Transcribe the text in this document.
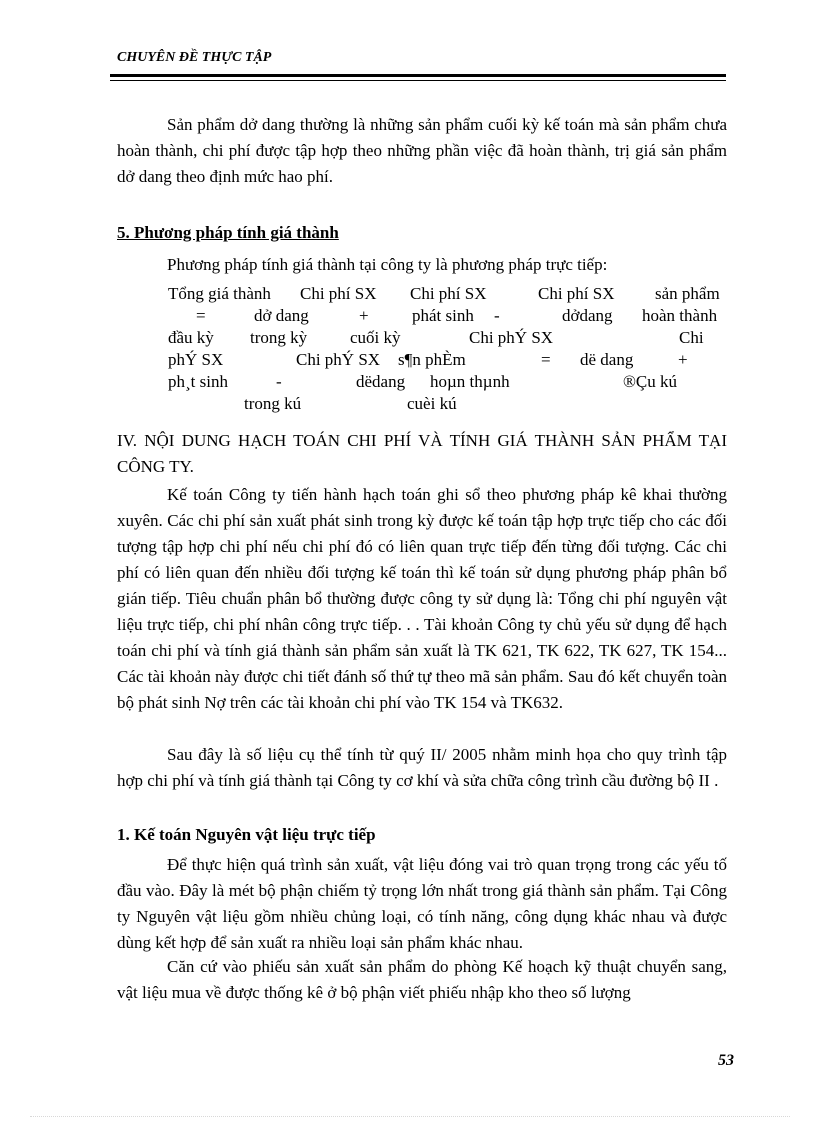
CHUYÊN ĐỀ THỰC TẬP

Sản phẩm dở dang thường là những sản phẩm cuối kỳ kế toán mà sản phẩm chưa hoàn thành, chi phí được tập hợp theo những phần việc đã hoàn thành, trị giá sản phẩm dở dang theo định mức hao phí.

5. Phương pháp tính giá thành

Phương pháp tính giá thành tại công ty là phương pháp trực tiếp:

Tổng giá thành Chi phí SX Chi phí SX	Chi phí SX sản phẩm
=	dở dang	+	phát sinh -	dởdang hoàn thành
đầu kỳ trong kỳ	cuối kỳ	Chi phÝ SX	Chi
phÝ SX	Chi phÝ SX s¶n phÈm	= dë dang	+
ph¸t sinh	-	dëdang hoµn thµnh	®Çu kú
trong kú	cuèi kú

IV. NỘI DUNG HẠCH TOÁN CHI PHÍ VÀ TÍNH GIÁ THÀNH SẢN PHẨM TẠI CÔNG TY.

Kế toán Công ty tiến hành hạch toán ghi sổ theo phương pháp kê khai thường xuyên. Các chi phí sản xuất phát sinh trong kỳ được kế toán tập hợp trực tiếp cho các đối tượng tập hợp chi phí nếu chi phí đó có liên quan trực tiếp đến từng đối tượng. Các chi phí có liên quan đến nhiều đối tượng kế toán thì kế toán sử dụng phương pháp phân bổ gián tiếp. Tiêu chuẩn phân bổ thường được công ty sử dụng là: Tổng chi phí nguyên vật liệu trực tiếp, chi phí nhân công trực tiếp. . . Tài khoản Công ty chủ yếu sử dụng để hạch toán chi phí và tính giá thành sản phẩm sản xuất là TK 621, TK 622, TK 627, TK 154... Các tài khoản này được chi tiết đánh số thứ tự theo mã sản phẩm. Sau đó kết chuyển toàn bộ phát sinh Nợ trên các tài khoản chi phí vào TK 154 và TK632.

Sau đây là số liệu cụ thể tính từ quý II/ 2005 nhằm minh họa cho quy trình tập hợp chi phí và tính giá thành tại Công ty cơ khí và sửa chữa công trình cầu đường bộ II .

1. Kế toán Nguyên vật liệu trực tiếp

Để thực hiện quá trình sản xuất, vật liệu đóng vai trò quan trọng trong các yếu tố đầu vào. Đây là mét bộ phận chiếm tỷ trọng lớn nhất trong giá thành sản phẩm. Tại Công ty Nguyên vật liệu gồm nhiều chủng loại, có tính năng, công dụng khác nhau và được dùng kết hợp để sản xuất ra nhiều loại sản phẩm khác nhau.

Căn cứ vào phiếu sản xuất sản phẩm do phòng Kế hoạch kỹ thuật chuyển sang, vật liệu mua về được thống kê ở bộ phận viết phiếu nhập kho theo số lượng

53
